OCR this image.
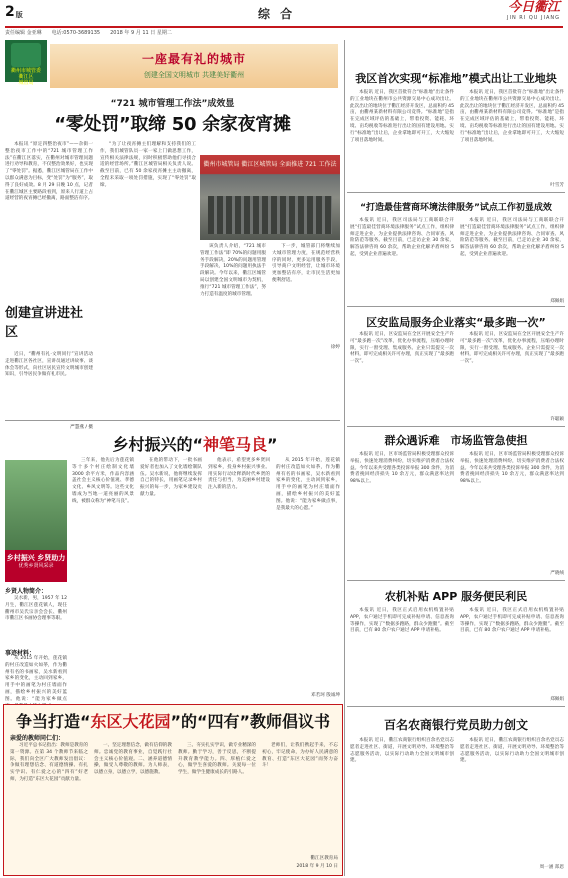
2版	综 合	今日衢江
JIN RI QU JIANG
责任编辑 金亚琳 电话:0570-3689135 2018 年 9 月 11 日 星期二
衢州市城管委
衢江区
城管局
一座最有礼的城市
创建全国文明城市 共建美好衢州
“721 城市管理工作法”成效显
“零处罚”取缔 50 余家夜宵摊

本报讯 “原定四整治夜市”——杂街一整治夜市工作中的“721 城市管理工作法”在衢江区落实，在衢州对城市管理问题进行劝导和教育，不仅整治效果好，也实现了“零处罚”。据悉，衢江区城管局在工作中以群众满意为目标，变“处罚”为“服务”，取得了良好成效。8 月 29 日晚 10 点，记者在衢江城区主要路段看到，原来人行道上占道经营的夜宵摊已经撤离，路面整洁有序。

“为了让夜宵摊主们理解和支持我们的工作，我们城管队员一家一家上门做思想工作，宣传相关法律法规，同时积极帮助他们寻找合适的经营场所。”衢江区城管局相关负责人说。截至目前，已有 50 余家夜宵摊主主动撤离，全程未采取一项处罚措施，实现了“零处罚”取缔。

衢州市城管局 衢江区城管局 全面推进 721 工作法

该负责人介绍，“721 城市管理工作法”即 70%的问题用服务手段解决，20%的问题用管理手段解决，10%的问题用执法手段解决。今年以来，衢江区城管局以创建全国文明城市为契机，推行“721 城市管理工作法”，努力打造有温度的城市管理。

下一步，城管部门将继续加大城市管理力度，在规范经营秩序的同时，更多运用服务手段，引导商户文明经营，让城市环境更加整洁有序，让市民生活更加便利舒适。

徐婷
创建宣讲进社区

近日，“衢州有礼·文明同行”宣讲活动走进衢江区各社区，宣讲员通过讲故事、谈体会等形式，向社区居民宣传文明城市创建知识，引导居民争做有礼市民。

严慧燕 / 摄
乡村振兴的“神笔马良”
乡村振兴 乡贤助力
优秀乡贤风采录
乡贤人物简介：

吴水新，男，1957 年 12 月生，衢江区莲花镇人，现任衢州市吴氏宗亲会会长、衢州市衢江区书画协会理事等职。

事迹材料：

从 2015 年开始，莲花镇的村庄改造如火如荼，作为衢州有名的书画家，吴水新看到家乡的变化，主动回到家乡，用手中的画笔为村庄墙面作画，描绘乡村振兴的美好蓝图。他说：“能为家乡做点

三年来，他先后为莲花镇等十多个村庄绘制文化墙 3000 余平方米，作品内容涵盖社会主义核心价值观、孝德文化、乡风文明等。这些文化墙成为当地一道亮丽的风景线，被群众称为“神笔马良”。

在他的带动下，一批书画爱好者也加入了文化墙绘制队伍。吴水新说，他将继续发挥自己的特长，用画笔记录乡村振兴的每一步，为家乡建设贡献力量。

他表示，希望更多乡贤回到家乡，投身乡村振兴事业。用实际行动诠释新时代乡贤的责任与担当，为美丽乡村建设注入新的活力。

从 2015 年开始，莲花镇的村庄改造如火如荼，作为衢州有名的书画家，吴水新看到家乡的变化，主动回到家乡，用手中的画笔为村庄墙面作画，描绘乡村振兴的美好蓝图。他说：“能为家乡做点事，是我最大的心愿。”

邓若珂 殷诚坤
争当打造“东区大花园”的“四有”教师倡议书
亲爱的教师同仁们：

习近平总书记指出：教师是教育的第一资源。在第 34 个教师节来临之际，我们向全区广大教师发出倡议：争做有理想信念、有道德情操、有扎实学识、有仁爱之心的“四有”好老师，为打造“东区大花园”贡献力量。

一、坚定理想信念，做有信仰的教师。忠诚党的教育事业，自觉践行社会主义核心价值观。二、涵养道德情操，做受人尊敬的教师。为人师表，以德立身，以德立学，以德施教。

三、夯实扎实学识，做专业精深的教师。勤于学习，善于反思，不断提升教育教学能力。四、厚植仁爱之心，做学生喜爱的教师。关爱每一位学生，做学生健康成长的引路人。

老师们，让我们携起手来，不忘初心，牢记使命，为办好人民满意的教育、打造“东区大花园”而努力奋斗！

衢江区教育局
2018 年 9 月 10 日
我区首次实现“标准地”模式出让工业地块

本报讯 近日，我区首批符合“标准地”出让条件的工业地块在衢州市公共资源交易中心成功出让。此次出让的地块位于衢江经济开发区，总面积约 45 亩，由衢州某新材料有限公司竞得。“标准地”是指在完成区域评估的基础上，带着投资、能耗、环境、亩均税收等标准进行出让的国有建设用地。实行“标准地”出让后，企业拿地即可开工，大大缩短了项目落地时间。

本报讯 近日，我区首批符合“标准地”出让条件的工业地块在衢州市公共资源交易中心成功出让。此次出让的地块位于衢江经济开发区，总面积约 45 亩，由衢州某新材料有限公司竞得。“标准地”是指在完成区域评估的基础上，带着投资、能耗、环境、亩均税收等标准进行出让的国有建设用地。实行“标准地”出让后，企业拿地即可开工，大大缩短了项目落地时间。

叶雪芳
“打造最佳营商环境法律服务”试点工作初显成效

本报讯 近日，我区司法局与工商联联合开展“打造最佳营商环境法律服务”试点工作，组织律师走进企业，为企业提供法律咨询、合同审查、风险防范等服务。截至目前，已走访企业 30 余家，解答法律咨询 60 余次，帮助企业化解矛盾纠纷 5 起，受到企业普遍欢迎。

本报讯 近日，我区司法局与工商联联合开展“打造最佳营商环境法律服务”试点工作，组织律师走进企业，为企业提供法律咨询、合同审查、风险防范等服务。截至目前，已走访企业 30 余家，解答法律咨询 60 余次，帮助企业化解矛盾纠纷 5 起，受到企业普遍欢迎。

郑佩娟
区安监局服务企业落实“最多跑一次”

本报讯 近日，区安监局在全区开展安全生产许可“最多跑一次”改革，优化办事流程，压缩办理时限，实行一窗受理、集成服务。企业只需提交一次材料，即可完成相关许可办理，真正实现了“最多跑一次”。

本报讯 近日，区安监局在全区开展安全生产许可“最多跑一次”改革，优化办事流程，压缩办理时限，实行一窗受理、集成服务。企业只需提交一次材料，即可完成相关许可办理，真正实现了“最多跑一次”。

许聪颖
群众遇诉难　市场监管急使担

本报讯 近日，区市场监管局积极受理群众投诉举报，快速处理消费纠纷，切实维护消费者合法权益。今年以来共受理各类投诉举报 300 余件，为消费者挽回经济损失 10 余万元，群众满意率达到 98%以上。

本报讯 近日，区市场监管局积极受理群众投诉举报，快速处理消费纠纷，切实维护消费者合法权益。今年以来共受理各类投诉举报 300 余件，为消费者挽回经济损失 10 余万元，群众满意率达到 98%以上。

严晓绒
农机补贴 APP 服务便民利民

本报讯 近日，我区正式启用农机购置补贴 APP，农户通过手机即可完成补贴申请、信息查询等操作，实现了“数据多跑路，群众少跑腿”。截至目前，已有 80 余户农户通过 APP 申请补贴。

本报讯 近日，我区正式启用农机购置补贴 APP，农户通过手机即可完成补贴申请、信息查询等操作，实现了“数据多跑路，群众少跑腿”。截至目前，已有 80 余户农户通过 APP 申请补贴。

郑佩娟
百名农商银行党员助力创文

本报讯 近日，衢江农商银行组织百余名党员志愿者走进社区、街道，开展文明劝导、环境整治等志愿服务活动，以实际行动助力全国文明城市创建。

本报讯 近日，衢江农商银行组织百余名党员志愿者走进社区、街道，开展文明劝导、环境整治等志愿服务活动，以实际行动助力全国文明城市创建。

周一涵 郑恩
